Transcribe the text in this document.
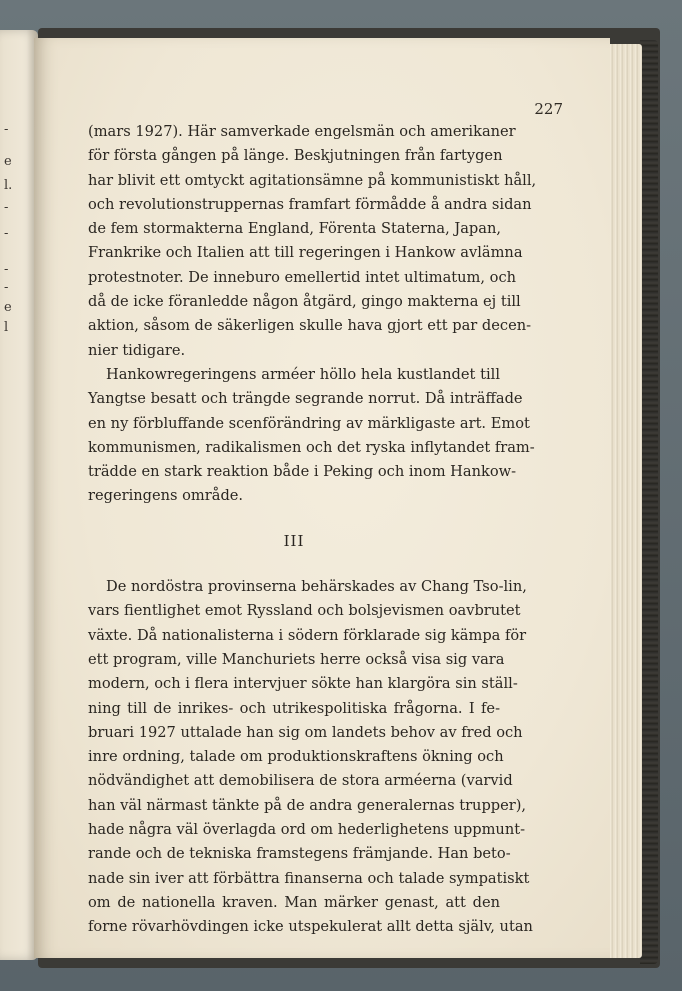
-
e
l.
-
-
-
-
e
l
227
(mars 1927). Här samverkade engelsmän och amerikaner
för första gången på länge. Beskjutningen från fartygen
har blivit ett omtyckt agitationsämne på kommunistiskt håll,
och revolutionstruppernas framfart förmådde å andra sidan
de fem stormakterna England, Förenta Staterna, Japan,
Frankrike och Italien att till regeringen i Hankow avlämna
protestnoter. De inneburo emellertid intet ultimatum, och
då de icke föranledde någon åtgärd, gingo makterna ej till
aktion, såsom de säkerligen skulle hava gjort ett par decen-
nier tidigare.
Hankowregeringens arméer höllo hela kustlandet till
Yangtse besatt och trängde segrande norrut. Då inträffade
en ny förbluffande scenförändring av märkligaste art. Emot
kommunismen, radikalismen och det ryska inflytandet fram-
trädde en stark reaktion både i Peking och inom Hankow-
regeringens område.
III
De nordöstra provinserna behärskades av Chang Tso-lin,
vars fientlighet emot Ryssland och bolsjevismen oavbrutet
växte. Då nationalisterna i södern förklarade sig kämpa för
ett program, ville Manchuriets herre också visa sig vara
modern, och i flera intervjuer sökte han klargöra sin ställ-
ning till de inrikes- och utrikespolitiska frågorna. I fe-
bruari 1927 uttalade han sig om landets behov av fred och
inre ordning, talade om produktionskraftens ökning och
nödvändighet att demobilisera de stora arméerna (varvid
han väl närmast tänkte på de andra generalernas trupper),
hade några väl överlagda ord om hederlighetens uppmunt-
rande och de tekniska framstegens främjande. Han beto-
nade sin iver att förbättra finanserna och talade sympatiskt
om de nationella kraven. Man märker genast, att den
forne rövarhövdingen icke utspekulerat allt detta själv, utan
